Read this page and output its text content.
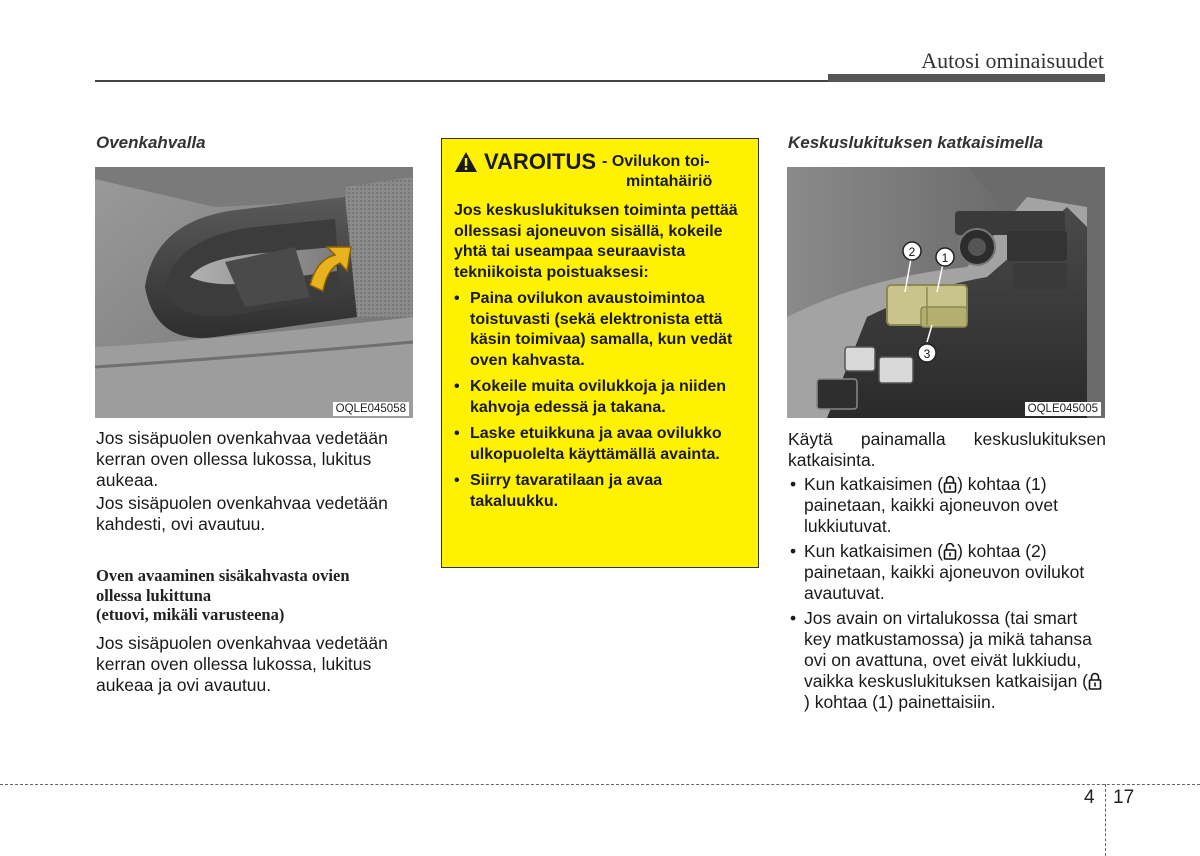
Autosi ominaisuudet
Ovenkahvalla
OQLE045058
Jos sisäpuolen ovenkahvaa vedetään kerran oven ollessa lukossa, lukitus aukeaa.
Jos sisäpuolen ovenkahvaa vedetään kahdesti, ovi avautuu.
Oven avaaminen sisäkahvasta ovien
ollessa lukittuna
(etuovi, mikäli varusteena)
Jos sisäpuolen ovenkahvaa vedetään kerran oven ollessa lukossa, lukitus aukeaa ja ovi avautuu.
VAROITUS - Ovilukon toi-
mintahäiriö

Jos keskuslukituksen toiminta pettää ollessasi ajoneuvon sisällä, kokeile yhtä tai useampaa seuraavista tekniikoista poistuaksesi:

• Paina ovilukon avaustoimintoa toistuvasti (sekä elektronista että käsin toimivaa) samalla, kun vedät oven kahvasta.
• Kokeile muita ovilukkoja ja niiden kahvoja edessä ja takana.
• Laske etuikkuna ja avaa ovilukko ulkopuolelta käyttämällä avainta.
• Siirry tavaratilaan ja avaa takaluukku.
Keskuslukituksen katkaisimella
2 1
3
OQLE045005
Käytä painamalla keskuslukituksen katkaisinta.
• Kun katkaisimen ( ) kohtaa (1) painetaan, kaikki ajoneuvon ovet lukkiutuvat.
• Kun katkaisimen ( ) kohtaa (2) painetaan, kaikki ajoneuvon ovilukot avautuvat.
• Jos avain on virtalukossa (tai smart key matkustamossa) ja mikä tahansa ovi on avattuna, ovet eivät lukkiudu, vaikka keskuslukituksen katkaisijan () kohtaa (1) painettaisiin.
4 17
